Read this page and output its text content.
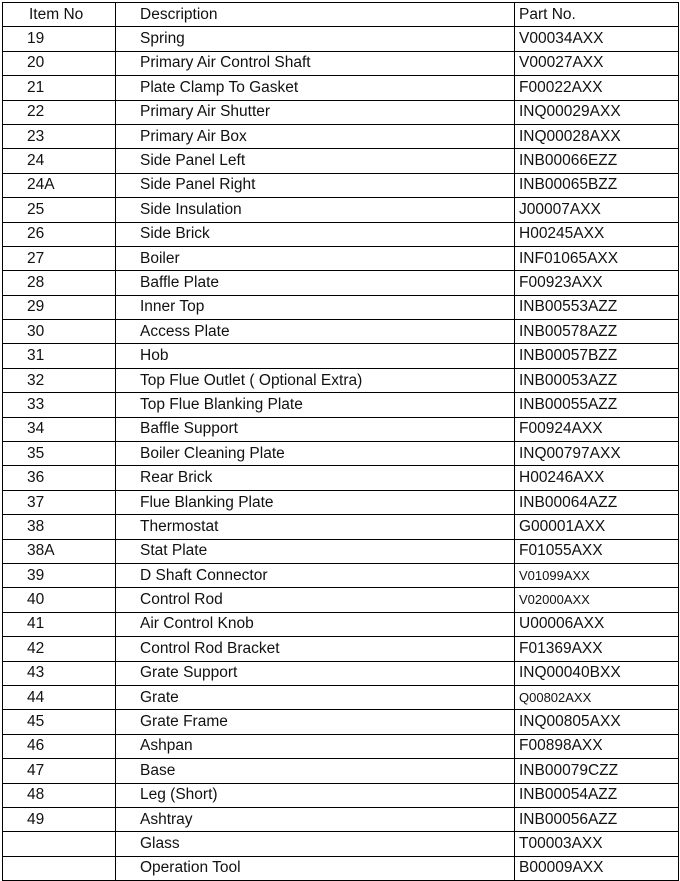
Item No	Description	Part No.
19	Spring	V00034AXX
20	Primary Air Control Shaft	V00027AXX
21	Plate Clamp To Gasket	F00022AXX
22	Primary Air Shutter	INQ00029AXX
23	Primary Air Box	INQ00028AXX
24	Side Panel Left	INB00066EZZ
24A	Side Panel Right	INB00065BZZ
25	Side Insulation	J00007AXX
26	Side Brick	H00245AXX
27	Boiler	INF01065AXX
28	Baffle Plate	F00923AXX
29	Inner Top	INB00553AZZ
30	Access Plate	INB00578AZZ
31	Hob	INB00057BZZ
32	Top Flue Outlet ( Optional Extra)	INB00053AZZ
33	Top Flue Blanking Plate	INB00055AZZ
34	Baffle Support	F00924AXX
35	Boiler Cleaning Plate	INQ00797AXX
36	Rear Brick	H00246AXX
37	Flue Blanking Plate	INB00064AZZ
38	Thermostat	G00001AXX
38A	Stat Plate	F01055AXX
39	D Shaft Connector	V01099AXX
40	Control Rod	V02000AXX
41	Air Control Knob	U00006AXX
42	Control Rod Bracket	F01369AXX
43	Grate Support	INQ00040BXX
44	Grate	Q00802AXX
45	Grate Frame	INQ00805AXX
46	Ashpan	F00898AXX
47	Base	INB00079CZZ
48	Leg (Short)	INB00054AZZ
49	Ashtray	INB00056AZZ
	Glass	T00003AXX
	Operation Tool	B00009AXX
